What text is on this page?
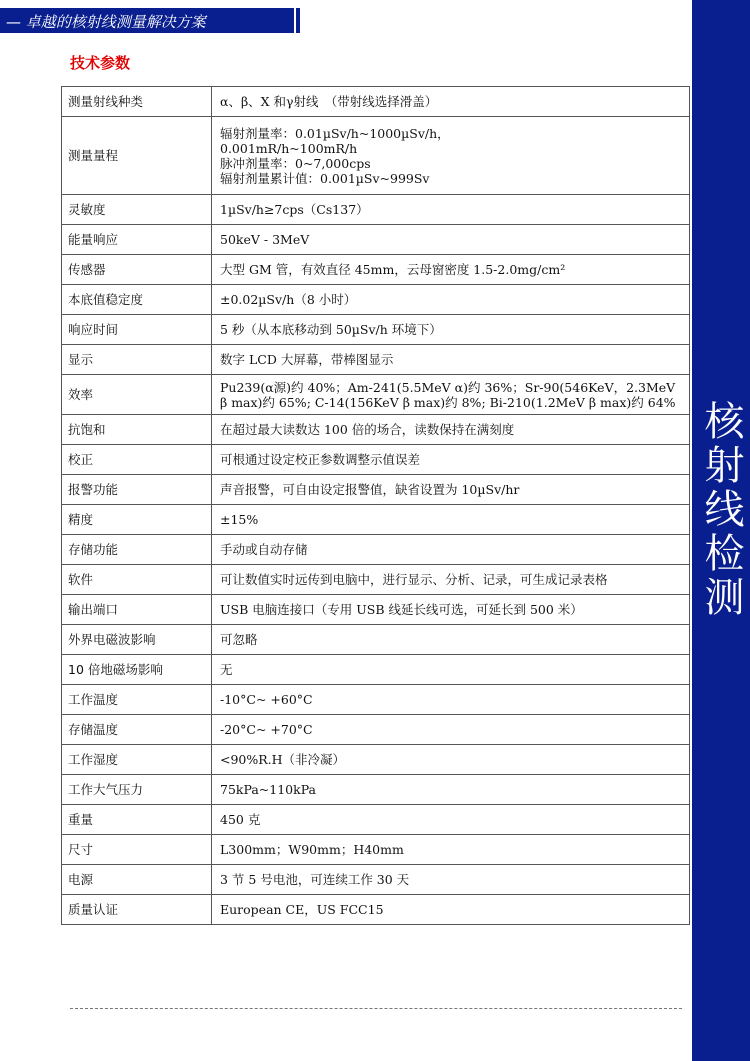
— 卓越的核射线测量解决方案
核射线检测
技术参数
测量射线种类	α、β、X 和γ射线　（带射线选择滑盖）

测量量程	辐射剂量率：0.01µSv/h~1000µSv/h，
0.001mR/h~100mR/h
脉冲剂量率：0~7,000cps
辐射剂量累计值：0.001µSv~999Sv

灵敏度	1µSv/h≥7cps（Cs137）

能量响应	50keV - 3MeV

传感器	大型 GM 管，有效直径 45mm，云母窗密度 1.5-2.0mg/cm²

本底值稳定度	±0.02µSv/h（8 小时）

响应时间	5 秒（从本底移动到 50µSv/h 环境下）

显示	数字 LCD 大屏幕，带棒图显示

效率	Pu239(α源)约 40%；Am-241(5.5MeV α)约 36%；Sr-90(546KeV，2.3MeV
β max)约 65%; C-14(156KeV β max)约 8%; Bi-210(1.2MeV β max)约 64%

抗饱和	在超过最大读数达 100 倍的场合，读数保持在满刻度

校正	可根通过设定校正参数调整示值误差

报警功能	声音报警，可自由设定报警值，缺省设置为 10µSv/hr

精度	±15%

存储功能	手动或自动存储

软件	可让数值实时远传到电脑中，进行显示、分析、记录，可生成记录表格

输出端口	USB 电脑连接口（专用 USB 线延长线可选，可延长到 500 米）

外界电磁波影响	可忽略

10 倍地磁场影响	无

工作温度	-10°C~ +60°C

存储温度	-20°C~ +70°C

工作湿度	<90%R.H（非冷凝）

工作大气压力	75kPa~110kPa

重量	450 克

尺寸	L300mm；W90mm；H40mm

电源	3 节 5 号电池，可连续工作 30 天

质量认证	European CE，US FCC15
